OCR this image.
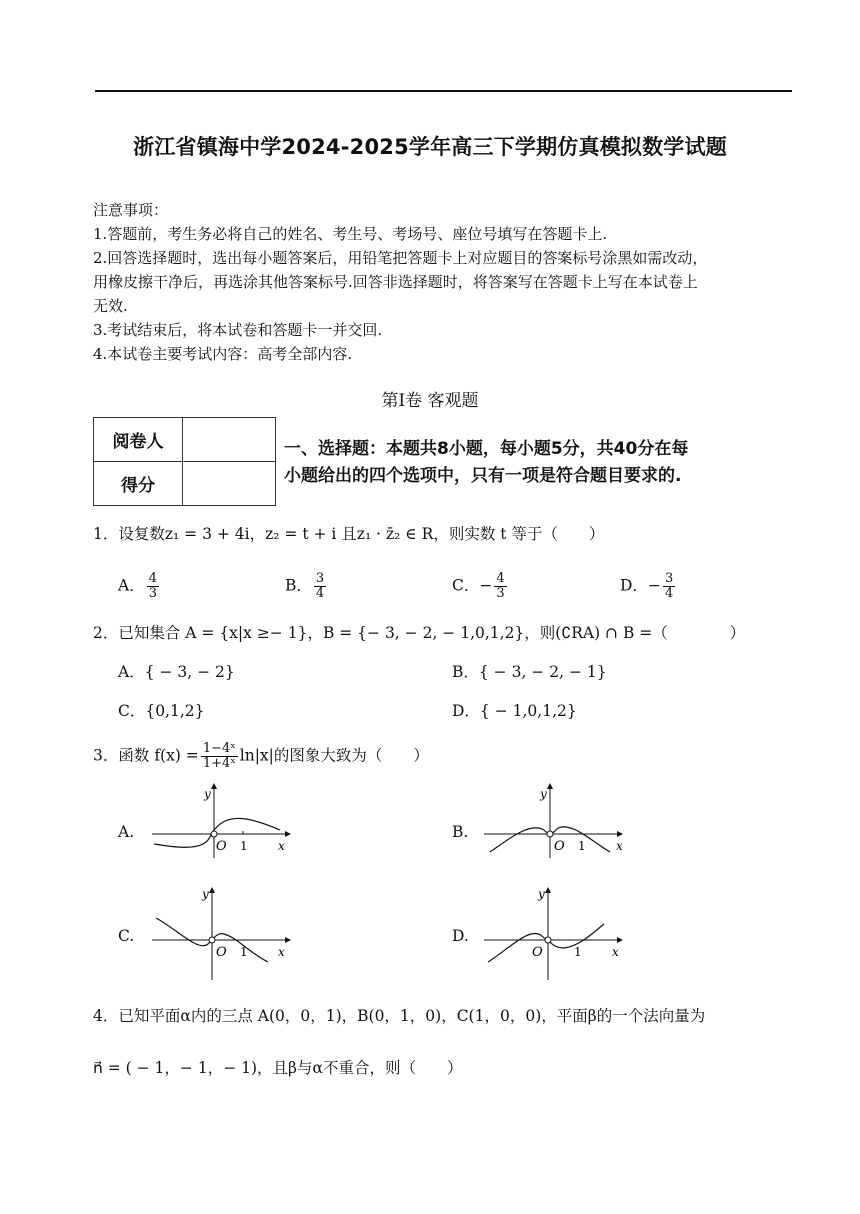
浙江省镇海中学2024-2025学年高三下学期仿真模拟数学试题
注意事项：
1.答题前，考生务必将自己的姓名、考生号、考场号、座位号填写在答题卡上.
2.回答选择题时，选出每小题答案后，用铅笔把答题卡上对应题目的答案标号涂黑如需改动，
用橡皮擦干净后，再选涂其他答案标号.回答非选择题时，将答案写在答题卡上写在本试卷上
无效.
3.考试结束后，将本试卷和答题卡一并交回.
4.本试卷主要考试内容：高考全部内容.
第Ⅰ卷 客观题
阅卷人	
得分	
一、选择题：本题共8小题，每小题5分，共40分在每
小题给出的四个选项中，只有一项是符合题目要求的.
1．设复数z₁ = 3 + 4i，z₂ = t + i 且z₁ · z̄₂ ∈ R，则实数 t 等于（　　）
A． $\frac{4}{3}$	B． $\frac{3}{4}$	C．− $\frac{4}{3}$	D．− $\frac{3}{4}$
2．已知集合 A = {x|x ≥− 1}，B = {− 3, − 2, − 1,0,1,2}，则(∁RA) ∩ B =（　　　　）
A．{ − 3, − 2}	B．{ − 3, − 2, − 1}
C．{0,1,2}	D．{ − 1,0,1,2}
3．函数 $f(x) = \frac{\text{1−4ˣ}}{\text{1+4ˣ}} \ln|x|$的图象大致为（　　）
A.	B.
C.	D.
y
O 1	x
y
O 1	x
y
O 1	x
y
O	1	x
4．已知平面α内的三点 A(0，0，1)，B(0，1，0)，C(1，0，0)，平面β的一个法向量为
n⃗ = ( − 1，− 1，− 1)，且β与α不重合，则（　　）
